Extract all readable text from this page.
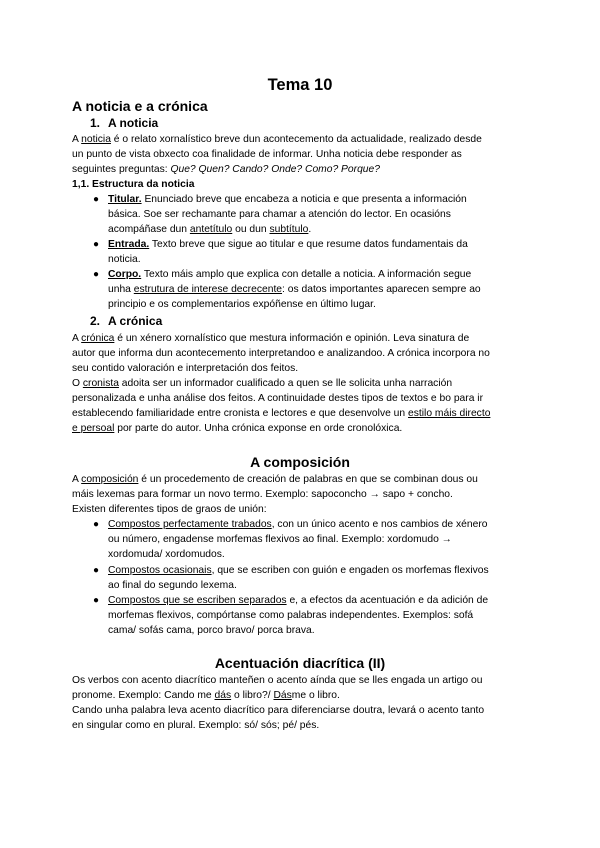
Tema 10
A noticia e a crónica
1. A noticia
A noticia é o relato xornalístico breve dun acontecemento da actualidade, realizado desde
un punto de vista obxecto coa finalidade de informar. Unha noticia debe responder as
seguintes preguntas: Que? Quen? Cando? Onde? Como? Porque?
1,1. Estructura da noticia
● Titular. Enunciado breve que encabeza a noticia e que presenta a información
básica. Soe ser rechamante para chamar a atención do lector. En ocasións
acompáñase dun antetítulo ou dun subtítulo.
● Entrada. Texto breve que sigue ao titular e que resume datos fundamentais da
noticia.
● Corpo. Texto máis amplo que explica con detalle a noticia. A información segue
unha estrutura de interese decrecente: os datos importantes aparecen sempre ao
principio e os complementarios expóñense en último lugar.
2. A crónica
A crónica é un xénero xornalístico que mestura información e opinión. Leva sinatura de
autor que informa dun acontecemento interpretandoo e analizandoo. A crónica incorpora no
seu contido valoración e interpretación dos feitos.
O cronista adoita ser un informador cualificado a quen se lle solicita unha narración
personalizada e unha análise dos feitos. A continuidade destes tipos de textos e bo para ir
establecendo familiaridade entre cronista e lectores e que desenvolve un estilo máis directo
e persoal por parte do autor. Unha crónica exponse en orde cronolóxica.
A composición
A composición é un procedemento de creación de palabras en que se combinan dous ou
máis lexemas para formar un novo termo. Exemplo: sapoconcho → sapo + concho.
Existen diferentes tipos de graos de unión:
● Compostos perfectamente trabados, con un único acento e nos cambios de xénero
ou número, engadense morfemas flexivos ao final. Exemplo: xordomudo →
xordomuda/ xordomudos.
● Compostos ocasionais, que se escriben con guión e engaden os morfemas flexivos
ao final do segundo lexema.
● Compostos que se escriben separados e, a efectos da acentuación e da adición de
morfemas flexivos, compórtanse como palabras independentes. Exemplos: sofá
cama/ sofás cama, porco bravo/ porca brava.
Acentuación diacrítica (II)
Os verbos con acento diacrítico manteñen o acento aínda que se lles engada un artigo ou
pronome. Exemplo: Cando me dás o libro?/ Dásme o libro.
Cando unha palabra leva acento diacrítico para diferenciarse doutra, levará o acento tanto
en singular como en plural. Exemplo: só/ sós; pé/ pés.
